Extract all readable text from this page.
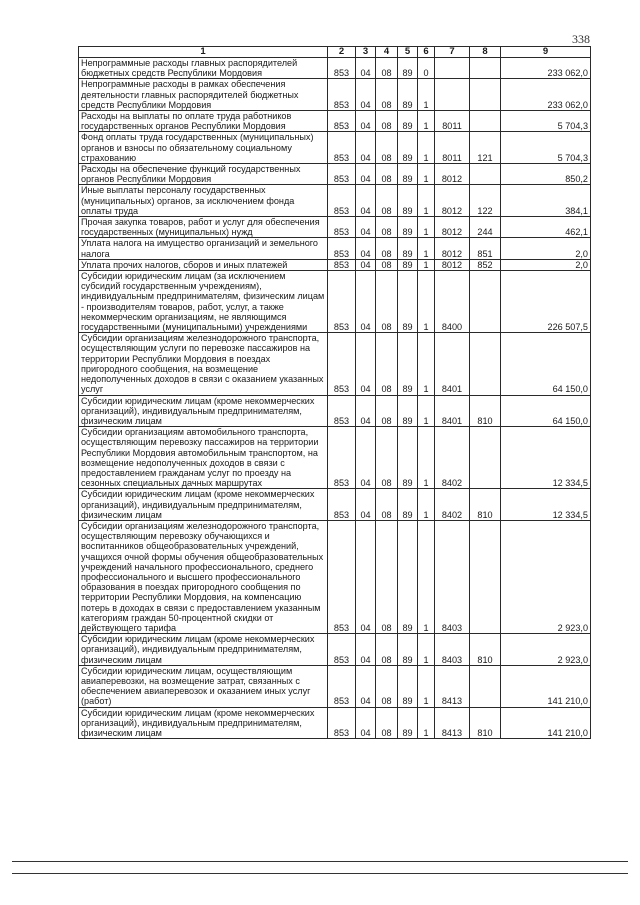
338
1	2	3	4	5	6	7	8	9
Непрограммные расходы главных распорядителей бюджетных средств Республики Мордовия	853	04	08	89	0			233 062,0
Непрограммные расходы в рамках обеспечения деятельности главных распорядителей бюджетных средств Республики Мордовия	853	04	08	89	1			233 062,0
Расходы на выплаты по оплате труда работников государственных органов Республики Мордовия	853	04	08	89	1	8011		5 704,3
Фонд оплаты труда государственных (муниципальных) органов и взносы по обязательному социальному страхованию	853	04	08	89	1	8011	121	5 704,3
Расходы на обеспечение функций государственных органов Республики Мордовия	853	04	08	89	1	8012		850,2
Иные выплаты персоналу государственных (муниципальных) органов, за исключением фонда оплаты труда	853	04	08	89	1	8012	122	384,1
Прочая закупка товаров, работ и услуг для обеспечения государственных (муниципальных) нужд	853	04	08	89	1	8012	244	462,1
Уплата налога на имущество организаций и земельного налога	853	04	08	89	1	8012	851	2,0
Уплата прочих налогов, сборов и иных платежей	853	04	08	89	1	8012	852	2,0
Субсидии юридическим лицам (за исключением субсидий государственным учреждениям), индивидуальным предпринимателям, физическим лицам - производителям товаров, работ, услуг, а также некоммерческим организациям, не являющимся государственными (муниципальными) учреждениями	853	04	08	89	1	8400		226 507,5
Субсидии организациям железнодорожного транспорта, осуществляющим услуги по перевозке пассажиров на территории Республики Мордовия в поездах пригородного сообщения, на возмещение недополученных доходов в связи с оказанием указанных услуг	853	04	08	89	1	8401		64 150,0
Субсидии юридическим лицам (кроме некоммерческих организаций), индивидуальным предпринимателям, физическим лицам	853	04	08	89	1	8401	810	64 150,0
Субсидии организациям автомобильного транспорта, осуществляющим перевозку пассажиров на территории Республики Мордовия автомобильным транспортом, на возмещение недополученных доходов в связи с предоставлением гражданам услуг по проезду на сезонных специальных дачных маршрутах	853	04	08	89	1	8402		12 334,5
Субсидии юридическим лицам (кроме некоммерческих организаций), индивидуальным предпринимателям, физическим лицам	853	04	08	89	1	8402	810	12 334,5
Субсидии организациям железнодорожного транспорта, осуществляющим перевозку обучающихся и воспитанников общеобразовательных учреждений, учащихся очной формы обучения общеобразовательных учреждений начального профессионального, среднего профессионального и высшего профессионального образования в поездах пригородного сообщения по территории Республики Мордовия, на компенсацию потерь в доходах в связи с предоставлением указанным категориям граждан 50-процентной скидки от действующего тарифа	853	04	08	89	1	8403		2 923,0
Субсидии юридическим лицам (кроме некоммерческих организаций), индивидуальным предпринимателям, физическим лицам	853	04	08	89	1	8403	810	2 923,0
Субсидии юридическим лицам, осуществляющим авиаперевозки, на возмещение затрат, связанных с обеспечением авиаперевозок и оказанием иных услуг (работ)	853	04	08	89	1	8413		141 210,0
Субсидии юридическим лицам (кроме некоммерческих организаций), индивидуальным предпринимателям, физическим лицам	853	04	08	89	1	8413	810	141 210,0
